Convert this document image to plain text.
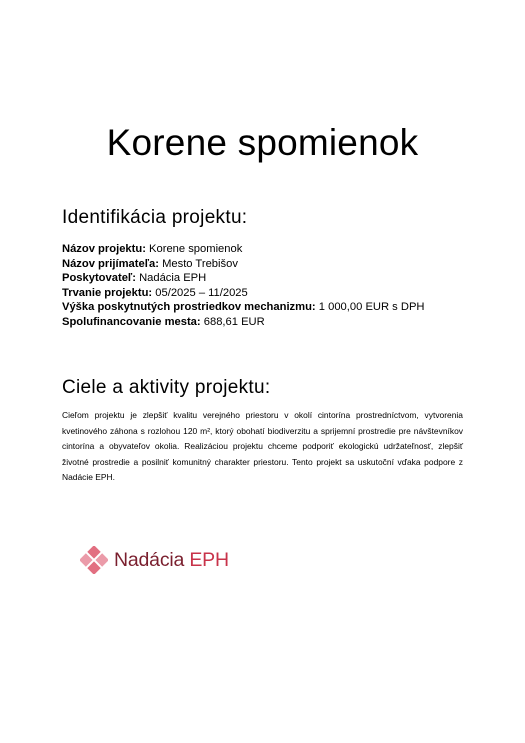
Korene spomienok
Identifikácia projektu:
Názov projektu: Korene spomienok
Názov prijímateľa: Mesto Trebišov
Poskytovateľ: Nadácia EPH
Trvanie projektu: 05/2025 – 11/2025
Výška poskytnutých prostriedkov mechanizmu: 1 000,00 EUR s DPH
Spolufinancovanie mesta: 688,61 EUR
Ciele a aktivity projektu:

Cieľom projektu je zlepšiť kvalitu verejného priestoru v okolí cintorína prostredníctvom, vytvorenia kvetinového záhona s rozlohou 120 m², ktorý obohatí biodiverzitu a sprijemní prostredie pre návštevníkov cintorína a obyvateľov okolia. Realizáciou projektu chceme podporiť ekologickú udržateľnosť, zlepšiť životné prostredie a posilniť komunitný charakter priestoru. Tento projekt sa uskutoční vďaka podpore z Nadácie EPH.

Nadácia EPH
